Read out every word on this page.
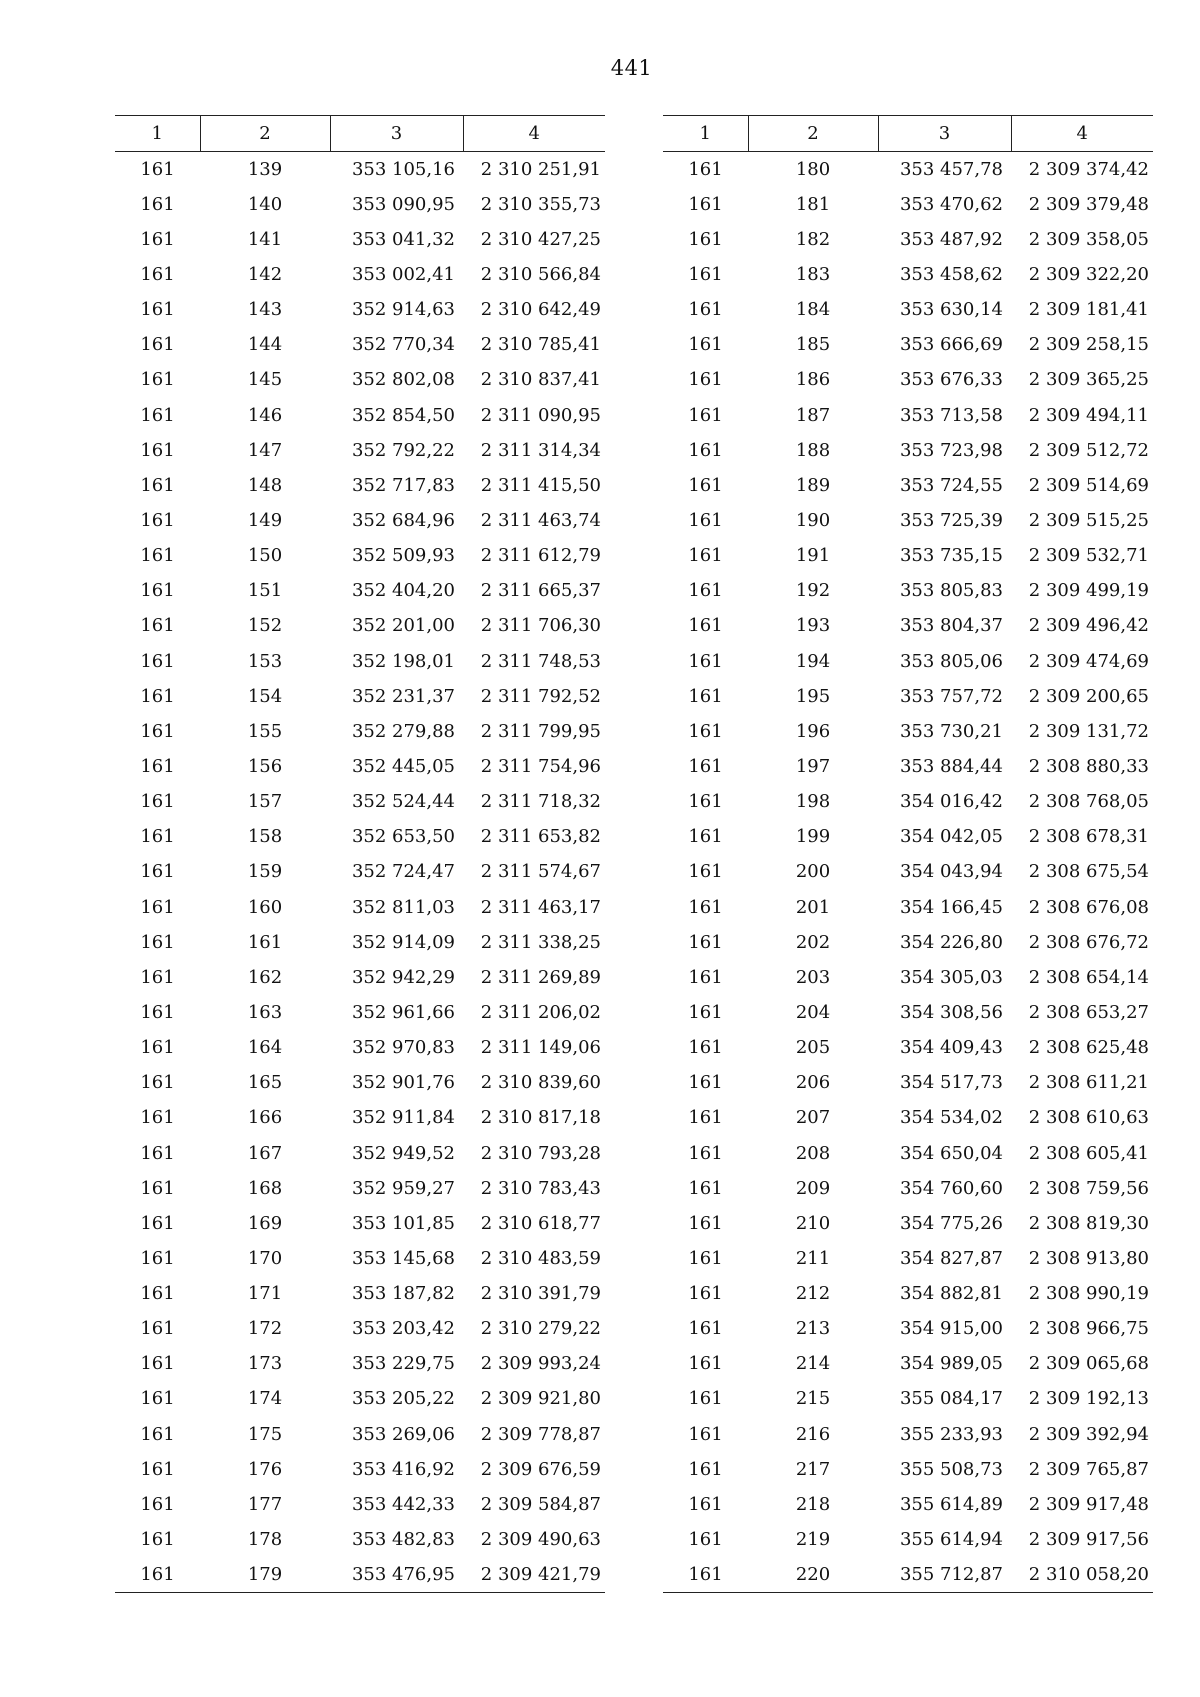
441
1	2	3	4
161	139	353 105,16	2 310 251,91
161	140	353 090,95	2 310 355,73
161	141	353 041,32	2 310 427,25
161	142	353 002,41	2 310 566,84
161	143	352 914,63	2 310 642,49
161	144	352 770,34	2 310 785,41
161	145	352 802,08	2 310 837,41
161	146	352 854,50	2 311 090,95
161	147	352 792,22	2 311 314,34
161	148	352 717,83	2 311 415,50
161	149	352 684,96	2 311 463,74
161	150	352 509,93	2 311 612,79
161	151	352 404,20	2 311 665,37
161	152	352 201,00	2 311 706,30
161	153	352 198,01	2 311 748,53
161	154	352 231,37	2 311 792,52
161	155	352 279,88	2 311 799,95
161	156	352 445,05	2 311 754,96
161	157	352 524,44	2 311 718,32
161	158	352 653,50	2 311 653,82
161	159	352 724,47	2 311 574,67
161	160	352 811,03	2 311 463,17
161	161	352 914,09	2 311 338,25
161	162	352 942,29	2 311 269,89
161	163	352 961,66	2 311 206,02
161	164	352 970,83	2 311 149,06
161	165	352 901,76	2 310 839,60
161	166	352 911,84	2 310 817,18
161	167	352 949,52	2 310 793,28
161	168	352 959,27	2 310 783,43
161	169	353 101,85	2 310 618,77
161	170	353 145,68	2 310 483,59
161	171	353 187,82	2 310 391,79
161	172	353 203,42	2 310 279,22
161	173	353 229,75	2 309 993,24
161	174	353 205,22	2 309 921,80
161	175	353 269,06	2 309 778,87
161	176	353 416,92	2 309 676,59
161	177	353 442,33	2 309 584,87
161	178	353 482,83	2 309 490,63
161	179	353 476,95	2 309 421,79
1	2	3	4
161	180	353 457,78	2 309 374,42
161	181	353 470,62	2 309 379,48
161	182	353 487,92	2 309 358,05
161	183	353 458,62	2 309 322,20
161	184	353 630,14	2 309 181,41
161	185	353 666,69	2 309 258,15
161	186	353 676,33	2 309 365,25
161	187	353 713,58	2 309 494,11
161	188	353 723,98	2 309 512,72
161	189	353 724,55	2 309 514,69
161	190	353 725,39	2 309 515,25
161	191	353 735,15	2 309 532,71
161	192	353 805,83	2 309 499,19
161	193	353 804,37	2 309 496,42
161	194	353 805,06	2 309 474,69
161	195	353 757,72	2 309 200,65
161	196	353 730,21	2 309 131,72
161	197	353 884,44	2 308 880,33
161	198	354 016,42	2 308 768,05
161	199	354 042,05	2 308 678,31
161	200	354 043,94	2 308 675,54
161	201	354 166,45	2 308 676,08
161	202	354 226,80	2 308 676,72
161	203	354 305,03	2 308 654,14
161	204	354 308,56	2 308 653,27
161	205	354 409,43	2 308 625,48
161	206	354 517,73	2 308 611,21
161	207	354 534,02	2 308 610,63
161	208	354 650,04	2 308 605,41
161	209	354 760,60	2 308 759,56
161	210	354 775,26	2 308 819,30
161	211	354 827,87	2 308 913,80
161	212	354 882,81	2 308 990,19
161	213	354 915,00	2 308 966,75
161	214	354 989,05	2 309 065,68
161	215	355 084,17	2 309 192,13
161	216	355 233,93	2 309 392,94
161	217	355 508,73	2 309 765,87
161	218	355 614,89	2 309 917,48
161	219	355 614,94	2 309 917,56
161	220	355 712,87	2 310 058,20
